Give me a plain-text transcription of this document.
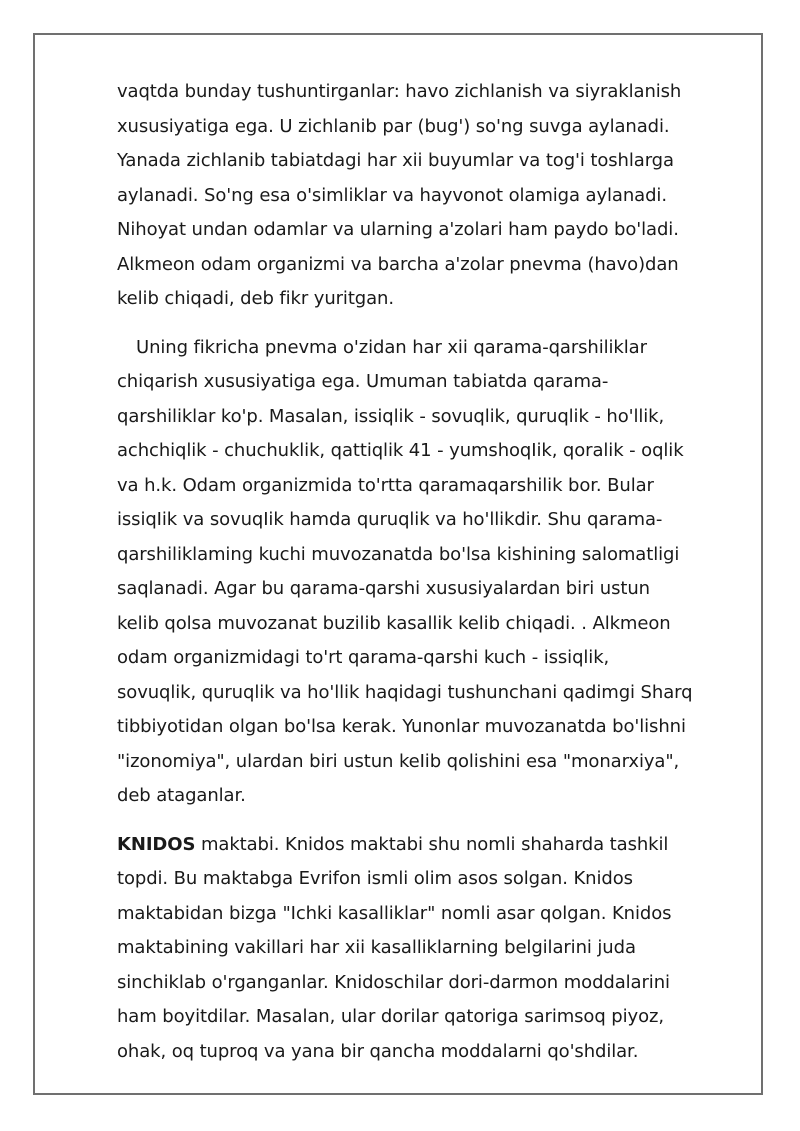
vaqtda bunday tushuntirganlar: havo zichlanish va siyraklanish
xususiyatiga ega. U zichlanib par (bug') so'ng suvga aylanadi.
Yanada zichlanib tabiatdagi har xii buyumlar va tog'i toshlarga
aylanadi. So'ng esa o'simliklar va hayvonot olamiga aylanadi.
Nihoyat undan odamlar va ularning a'zolari ham paydo bo'ladi.
Alkmeon odam organizmi va barcha a'zolar pnevma (havo)dan
kelib chiqadi, deb fikr yuritgan.
Uning fikricha pnevma o'zidan har xii qarama-qarshiliklar
chiqarish xususiyatiga ega. Umuman tabiatda qarama-
qarshiliklar ko'p. Masalan, issiqlik - sovuqlik, quruqlik - ho'llik,
achchiqlik - chuchuklik, qattiqlik 41 - yumshoqIik, qoralik - oqlik
va h.k. Odam organizmida to'rtta qaramaqarshilik bor. Bular
issiqIik va sovuqIik hamda quruqlik va ho'llikdir. Shu qarama-
qarshiliklaming kuchi muvozanatda bo'lsa kishining salomatligi
saqlanadi. Agar bu qarama-qarshi xususiyalardan biri ustun
kelib qolsa muvozanat buzilib kasallik kelib chiqadi. . Alkmeon
odam organizmidagi to'rt qarama-qarshi kuch - issiqlik,
sovuqlik, quruqlik va ho'llik haqidagi tushunchani qadimgi Sharq
tibbiyotidan olgan bo'lsa kerak. Yunonlar muvozanatda bo'lishni
"izonomiya", ulardan biri ustun keIib qolishini esa "monarxiya",
deb ataganlar.
KNIDOS maktabi. Knidos maktabi shu nomli shaharda tashkil
topdi. Bu maktabga Evrifon ismli olim asos solgan. Knidos
maktabidan bizga "Ichki kasalliklar" nomli asar qolgan. Knidos
maktabining vakillari har xii kasalliklarning belgilarini juda
sinchiklab o'rganganlar. Knidoschilar dori-darmon moddalarini
ham boyitdilar. Masalan, ular dorilar qatoriga sarimsoq piyoz,
ohak, oq tuproq va yana bir qancha moddalarni qo'shdilar.
